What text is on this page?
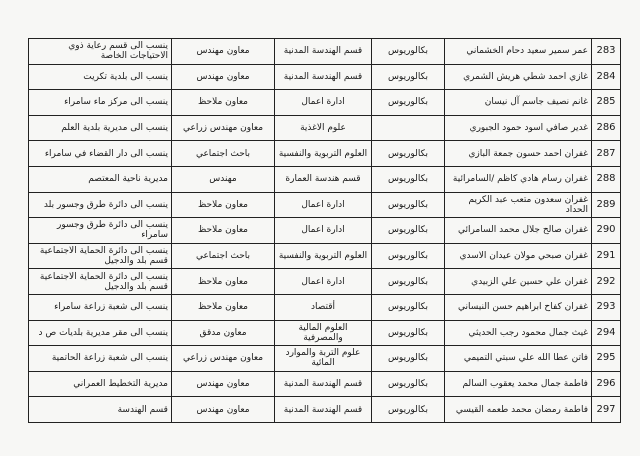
283	عمر سمير سعيد دحام الخشماني	بكالوريوس	قسم الهندسة المدنية	معاون مهندس	ينسب الى قسم رعاية ذوي الاحتياجات الخاصة
284	غازي احمد شطي هريش الشمري	بكالوريوس	قسم الهندسة المدنية	معاون مهندس	ينسب الى بلدية تكريت
285	غانم نصيف جاسم آل نيسان	بكالوريوس	ادارة اعمال	معاون ملاحظ	ينسب الى مركز ماء سامراء
286	غدير صافي اسود حمود الجبوري		علوم الاغذية	معاون مهندس زراعي	ينسب الى مديرية بلدية العلم
287	غفران احمد حسون جمعة البازي	بكالوريوس	العلوم التربوية والنفسية	باحث اجتماعي	ينسب الى دار القضاء في سامراء
288	غفران رسام هادي كاظم /السامرائية	بكالوريوس	قسم هندسة العمارة	مهندس	مديرية ناحية المعتصم
289	غفران سعدون متعب عبد الكريم الحداد	بكالوريوس	ادارة اعمال	معاون ملاحظ	ينسب الى دائرة طرق وجسور بلد
290	غفران صالح جلال محمد السامرائي	بكالوريوس	ادارة اعمال	معاون ملاحظ	ينسب الى دائرة طرق وجسور سامراء
291	غفران صبحي مولان عيدان الاسدي	بكالوريوس	العلوم التربوية والنفسية	باحث اجتماعي	ينسب الى دائرة الحماية الاجتماعية قسم بلد والدجيل
292	غفران علي حسين علي الزبيدي	بكالوريوس	ادارة اعمال	معاون ملاحظ	ينسب الى دائرة الحماية الاجتماعية قسم بلد والدجيل
293	غفران كفاح ابراهيم حسن النيساني	بكالوريوس	أقتصاد	معاون ملاحظ	ينسب الى شعبة زراعة سامراء
294	غيث جمال محمود رجب الحديثي	بكالوريوس	العلوم المالية والمصرفية	معاون مدقق	ينسب الى مقر مديرية بلديات ص د
295	فاتن عطا الله علي سبتي التميمي	بكالوريوس	علوم التربة والموارد المائية	معاون مهندس زراعي	ينسب الى شعبة زراعة الحاتمية
296	فاطمة جمال محمد يعقوب السالم	بكالوريوس	قسم الهندسة المدنية	معاون مهندس	مديرية التخطيط العمراني
297	فاطمة رمضان محمد طعمه القيسي	بكالوريوس	قسم الهندسة المدنية	معاون مهندس	قسم الهندسة
